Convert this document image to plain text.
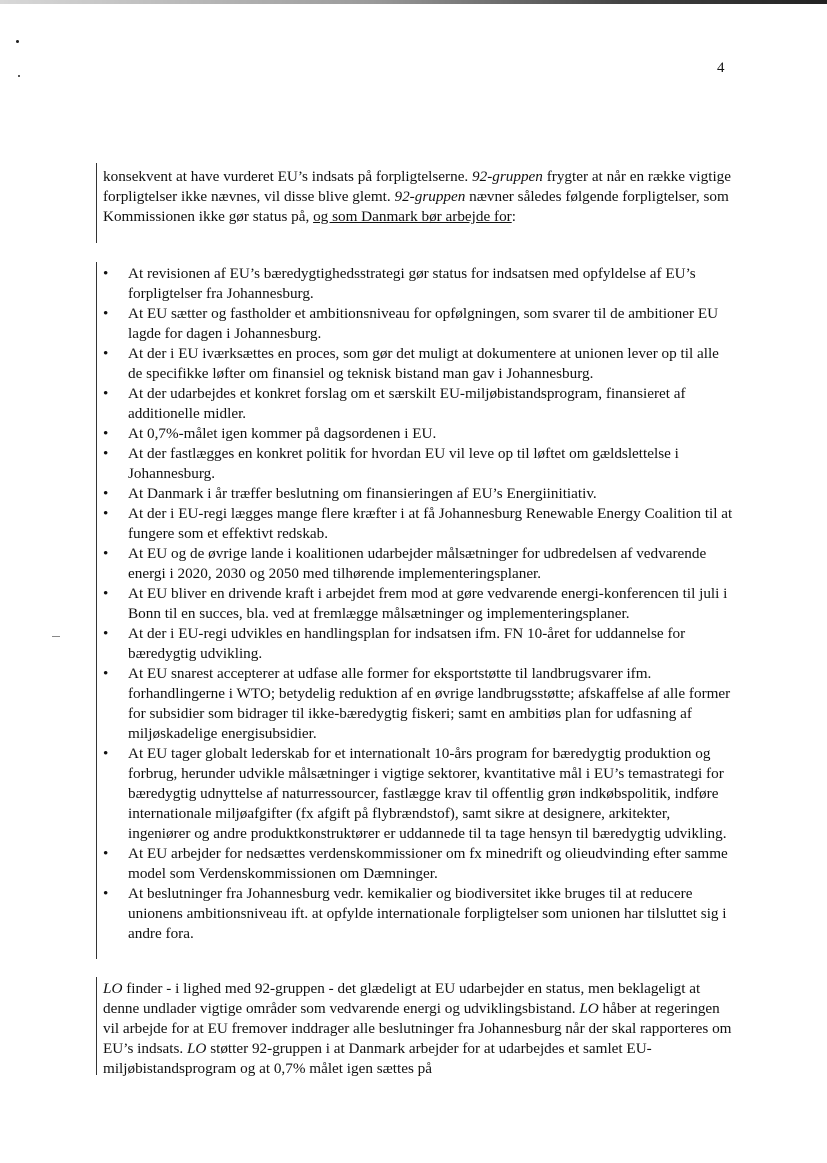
4

konsekvent at have vurderet EU’s indsats på forpligtelserne. 92-gruppen frygter at når en række vigtige forpligtelser ikke nævnes, vil disse blive glemt. 92-gruppen nævner således følgende forpligtelser, som Kommissionen ikke gør status på, og som Danmark bør arbejde for:

• At revisionen af EU’s bæredygtighedsstrategi gør status for indsatsen med opfyldelse af EU’s forpligtelser fra Johannesburg.
• At EU sætter og fastholder et ambitionsniveau for opfølgningen, som svarer til de ambitioner EU lagde for dagen i Johannesburg.
• At der i EU iværksættes en proces, som gør det muligt at dokumentere at unionen lever op til alle de specifikke løfter om finansiel og teknisk bistand man gav i Johannesburg.
• At der udarbejdes et konkret forslag om et særskilt EU-miljøbistandsprogram, finansieret af additionelle midler.
• At 0,7%-målet igen kommer på dagsordenen i EU.
• At der fastlægges en konkret politik for hvordan EU vil leve op til løftet om gældslettelse i Johannesburg.
• At Danmark i år træffer beslutning om finansieringen af EU’s Energiinitiativ.
• At der i EU-regi lægges mange flere kræfter i at få Johannesburg Renewable Energy Coalition til at fungere som et effektivt redskab.
• At EU og de øvrige lande i koalitionen udarbejder målsætninger for udbredelsen af vedvarende energi i 2020, 2030 og 2050 med tilhørende implementeringsplaner.
• At EU bliver en drivende kraft i arbejdet frem mod at gøre vedvarende energi-konferencen til juli i Bonn til en succes, bla. ved at fremlægge målsætninger og implementeringsplaner.
• At der i EU-regi udvikles en handlingsplan for indsatsen ifm. FN 10-året for uddannelse for bæredygtig udvikling.
• At EU snarest accepterer at udfase alle former for eksportstøtte til landbrugsvarer ifm. forhandlingerne i WTO; betydelig reduktion af en øvrige landbrugsstøtte; afskaffelse af alle former for subsidier som bidrager til ikke-bæredygtig fiskeri; samt en ambitiøs plan for udfasning af miljøskadelige energisubsidier.
• At EU tager globalt lederskab for et internationalt 10-års program for bæredygtig produktion og forbrug, herunder udvikle målsætninger i vigtige sektorer, kvantitative mål i EU’s temastrategi for bæredygtig udnyttelse af naturressourcer, fastlægge krav til offentlig grøn indkøbspolitik, indføre internationale miljøafgifter (fx afgift på flybrændstof), samt sikre at designere, arkitekter, ingeniører og andre produktkonstruktører er uddannede til ta tage hensyn til bæredygtig udvikling.
• At EU arbejder for nedsættes verdenskommissioner om fx minedrift og olieudvinding efter samme model som Verdenskommissionen om Dæmninger.
• At beslutninger fra Johannesburg vedr. kemikalier og biodiversitet ikke bruges til at reducere unionens ambitionsniveau ift. at opfylde internationale forpligtelser som unionen har tilsluttet sig i andre fora.

LO finder - i lighed med 92-gruppen - det glædeligt at EU udarbejder en status, men beklageligt at denne undlader vigtige områder som vedvarende energi og udviklingsbistand. LO håber at regeringen vil arbejde for at EU fremover inddrager alle beslutninger fra Johannesburg når der skal rapporteres om EU’s indsats. LO støtter 92-gruppen i at Danmark arbejder for at udarbejdes et samlet EU-miljøbistandsprogram og at 0,7% målet igen sættes på
